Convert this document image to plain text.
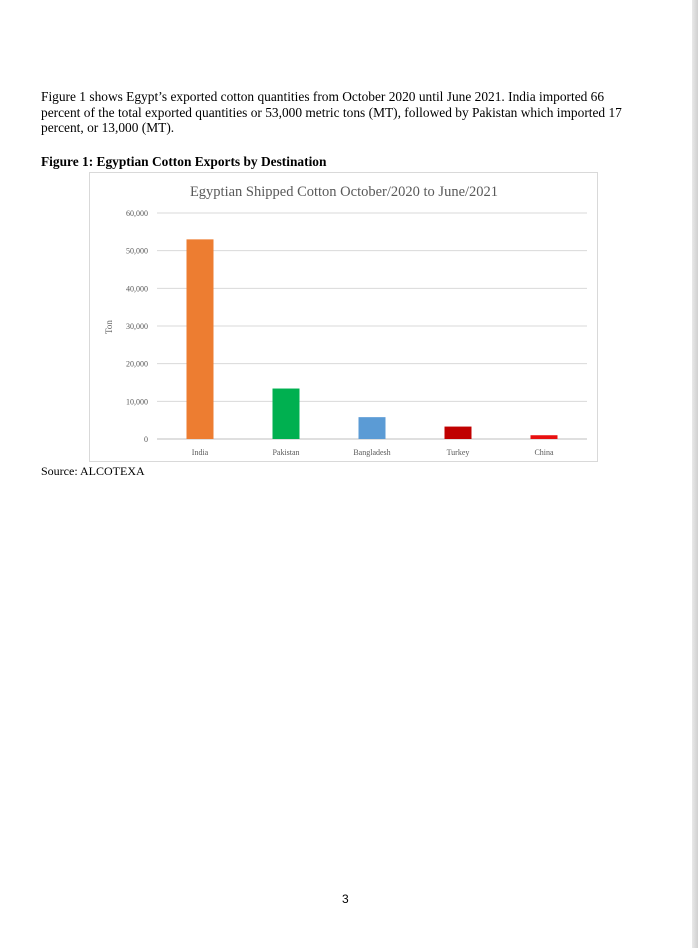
Figure 1 shows Egypt’s exported cotton quantities from October 2020 until June 2021. India imported 66 percent of the total exported quantities or 53,000 metric tons (MT), followed by Pakistan which imported 17 percent, or 13,000 (MT).

Figure 1: Egyptian Cotton Exports by Destination

Egyptian Shipped Cotton October/2020 to June/2021
Ton
0
10,000
20,000
30,000
40,000
50,000
60,000
India	Pakistan	Bangladesh	Turkey	China

Source: ALCOTEXA

3
